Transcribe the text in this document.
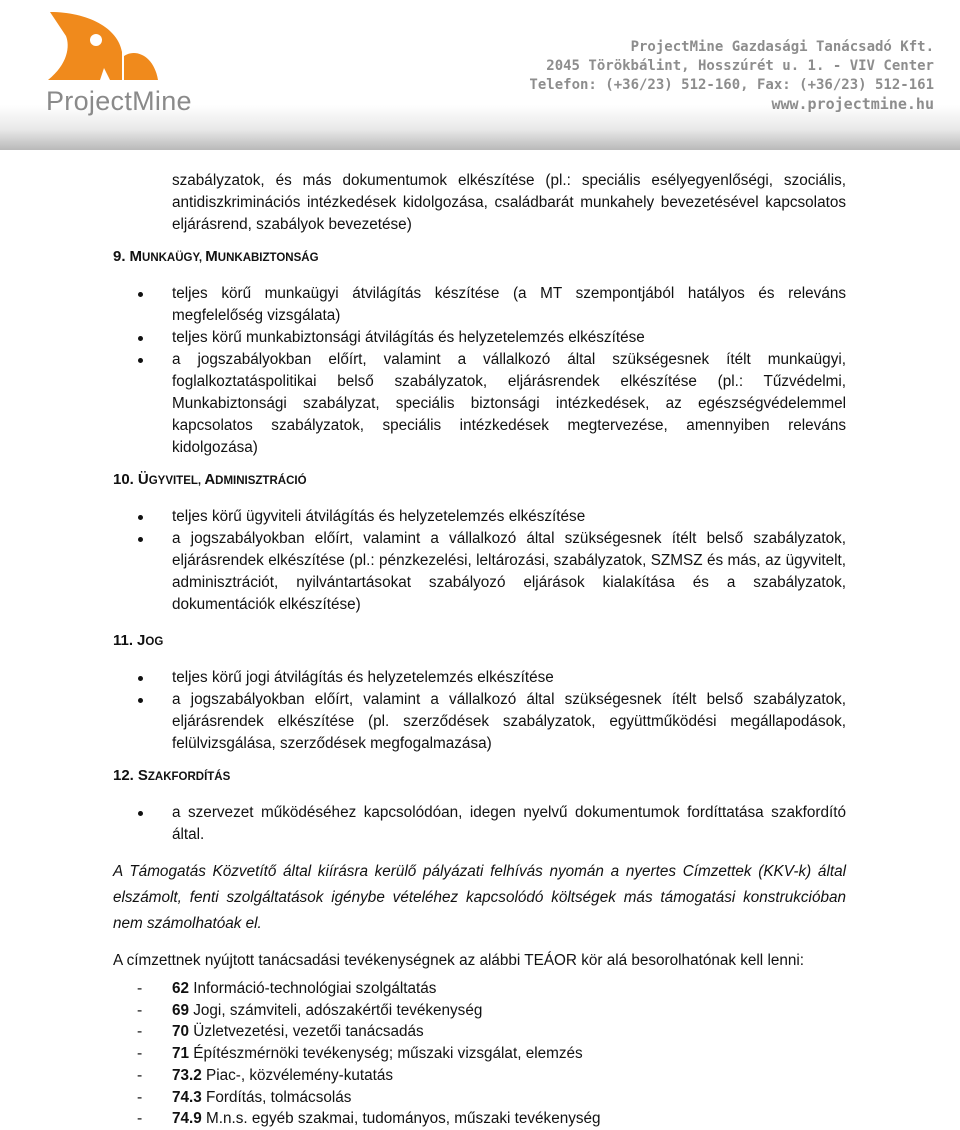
ProjectMine
ProjectMine Gazdasági Tanácsadó Kft.
2045 Törökbálint, Hosszúrét u. 1. - VIV Center
Telefon: (+36/23) 512-160, Fax: (+36/23) 512-161
www.projectmine.hu

szabályzatok, és más dokumentumok elkészítése (pl.: speciális esélyegyenlőségi, szociális, antidiszkriminációs intézkedések kidolgozása, családbarát munkahely bevezetésével kapcsolatos eljárásrend, szabályok bevezetése)

9. MUNKAÜGY, MUNKABIZTONSÁG
teljes körű munkaügyi átvilágítás készítése (a MT szempontjából hatályos és releváns megfelelőség vizsgálata)
teljes körű munkabiztonsági átvilágítás és helyzetelemzés elkészítése
a jogszabályokban előírt, valamint a vállalkozó által szükségesnek ítélt munkaügyi, foglalkoztatáspolitikai belső szabályzatok, eljárásrendek elkészítése (pl.: Tűzvédelmi, Munkabiztonsági szabályzat, speciális biztonsági intézkedések, az egészségvédelemmel kapcsolatos szabályzatok, speciális intézkedések megtervezése, amennyiben releváns kidolgozása)
10. ÜGYVITEL, ADMINISZTRÁCIÓ
teljes körű ügyviteli átvilágítás és helyzetelemzés elkészítése
a jogszabályokban előírt, valamint a vállalkozó által szükségesnek ítélt belső szabályzatok, eljárásrendek elkészítése (pl.: pénzkezelési, leltározási, szabályzatok, SZMSZ és más, az ügyvitelt, adminisztrációt, nyilvántartásokat szabályozó eljárások kialakítása és a szabályzatok, dokumentációk elkészítése)
11. JOG
teljes körű jogi átvilágítás és helyzetelemzés elkészítése
a jogszabályokban előírt, valamint a vállalkozó által szükségesnek ítélt belső szabályzatok, eljárásrendek elkészítése (pl. szerződések szabályzatok, együttműködési megállapodások, felülvizsgálása, szerződések megfogalmazása)
12. SZAKFORDÍTÁS
a szervezet működéséhez kapcsolódóan, idegen nyelvű dokumentumok fordíttatása szakfordító által.

A Támogatás Közvetítő által kiírásra kerülő pályázati felhívás nyomán a nyertes Címzettek (KKV-k) által elszámolt, fenti szolgáltatások igénybe vételéhez kapcsolódó költségek más támogatási konstrukcióban nem számolhatóak el.

A címzettnek nyújtott tanácsadási tevékenységnek az alábbi TEÁOR kör alá besorolhatónak kell lenni:

- 62 Információ-technológiai szolgáltatás
- 69 Jogi, számviteli, adószakértői tevékenység
- 70 Üzletvezetési, vezetői tanácsadás
- 71 Építészmérnöki tevékenység; műszaki vizsgálat, elemzés
- 73.2 Piac-, közvélemény-kutatás
- 74.3 Fordítás, tolmácsolás
- 74.9 M.n.s. egyéb szakmai, tudományos, műszaki tevékenység
